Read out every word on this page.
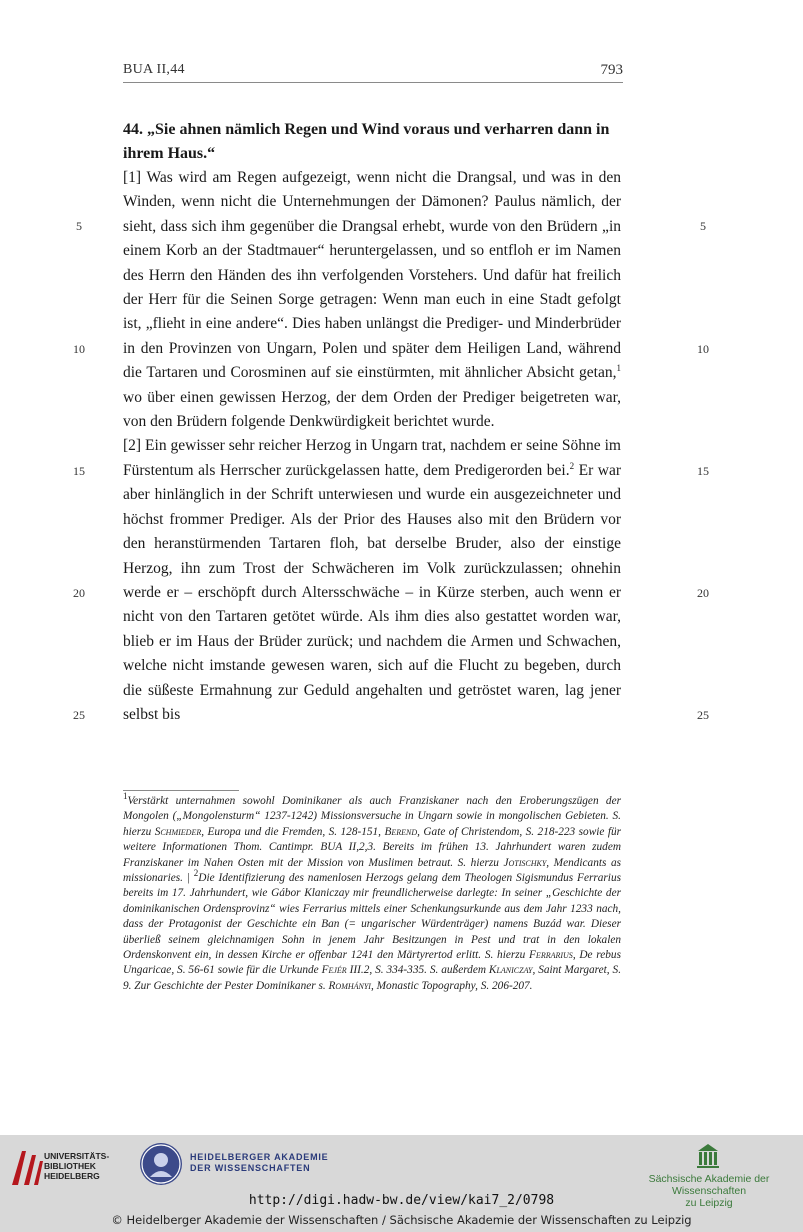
BUA II,44	793
44. „Sie ahnen nämlich Regen und Wind voraus und verharren dann in ihrem Haus.“

[1] Was wird am Regen aufgezeigt, wenn nicht die Drangsal, und was in den Winden, wenn nicht die Unternehmungen der Dämonen? Paulus nämlich, der sieht, dass sich ihm gegenüber die Drangsal erhebt, wurde von den Brüdern „in einem Korb an der Stadtmauer“ heruntergelassen, und so entfloh er im Namen des Herrn den Händen des ihn verfolgenden Vorstehers. Und dafür hat freilich der Herr für die Seinen Sorge getragen: Wenn man euch in eine Stadt gefolgt ist, „flieht in eine andere“. Dies haben unlängst die Prediger- und Minderbrüder in den Provinzen von Ungarn, Polen und später dem Heiligen Land, während die Tartaren und Corosminen auf sie einstürmten, mit ähnlicher Absicht getan,$^1$ wo über einen gewissen Herzog, der dem Orden der Prediger beigetreten war, von den Brüdern folgende Denkwürdigkeit berichtet wurde.

[2] Ein gewisser sehr reicher Herzog in Ungarn trat, nachdem er seine Söhne im Fürstentum als Herrscher zurückgelassen hatte, dem Predigerorden bei.$^2$ Er war aber hinlänglich in der Schrift unterwiesen und wurde ein ausgezeichneter und höchst frommer Prediger. Als der Prior des Hauses also mit den Brüdern vor den heranstürmenden Tartaren floh, bat derselbe Bruder, also der einstige Herzog, ihn zum Trost der Schwächeren im Volk zurückzulassen; ohnehin werde er – erschöpft durch Altersschwäche – in Kürze sterben, auch wenn er nicht von den Tartaren getötet würde. Als ihm dies also gestattet worden war, blieb er im Haus der Brüder zurück; und nachdem die Armen und Schwachen, welche nicht imstande gewesen waren, sich auf die Flucht zu begeben, durch die süßeste Ermahnung zur Geduld angehalten und getröstet waren, lag jener selbst bis

5
10
15
20
25
5
10
15
20
25
$^1$Verstärkt unternahmen sowohl Dominikaner als auch Franziskaner nach den Eroberungszügen der Mongolen („Mongolensturm“ 1237-1242) Missionsversuche in Ungarn sowie in mongolischen Gebieten. S. hierzu Schmieder, Europa und die Fremden, S. 128-151, Berend, Gate of Christendom, S. 218-223 sowie für weitere Informationen Thom. Cantimpr. BUA II,2,3. Bereits im frühen 13. Jahrhundert waren zudem Franziskaner im Nahen Osten mit der Mission von Muslimen betraut. S. hierzu Jotischky, Mendicants as missionaries. | $^2$Die Identifizierung des namenlosen Herzogs gelang dem Theologen Sigismundus Ferrarius bereits im 17. Jahrhundert, wie Gábor Klaniczay mir freundlicherweise darlegte: In seiner „Geschichte der dominikanischen Ordensprovinz“ wies Ferrarius mittels einer Schenkungsurkunde aus dem Jahr 1233 nach, dass der Protagonist der Geschichte ein Ban (= ungarischer Würdenträger) namens Buzád war. Dieser überließ seinem gleichnamigen Sohn in jenem Jahr Besitzungen in Pest und trat in den lokalen Ordenskonvent ein, in dessen Kirche er offenbar 1241 den Märtyrertod erlitt. S. hierzu Ferrarius, De rebus Ungaricae, S. 56-61 sowie für die Urkunde Fejér III.2, S. 334-335. S. außerdem Klaniczay, Saint Margaret, S. 9. Zur Geschichte der Pester Dominikaner s. Romhányi, Monastic Topography, S. 206-207.
UNIVERSITÄTS-
BIBLIOTHEK
HEIDELBERG
HEIDELBERGER AKADEMIE
DER WISSENSCHAFTEN
Sächsische Akademie der Wissenschaften
zu Leipzig
http://digi.hadw-bw.de/view/kai7_2/0798
© Heidelberger Akademie der Wissenschaften / Sächsische Akademie der Wissenschaften zu Leipzig
